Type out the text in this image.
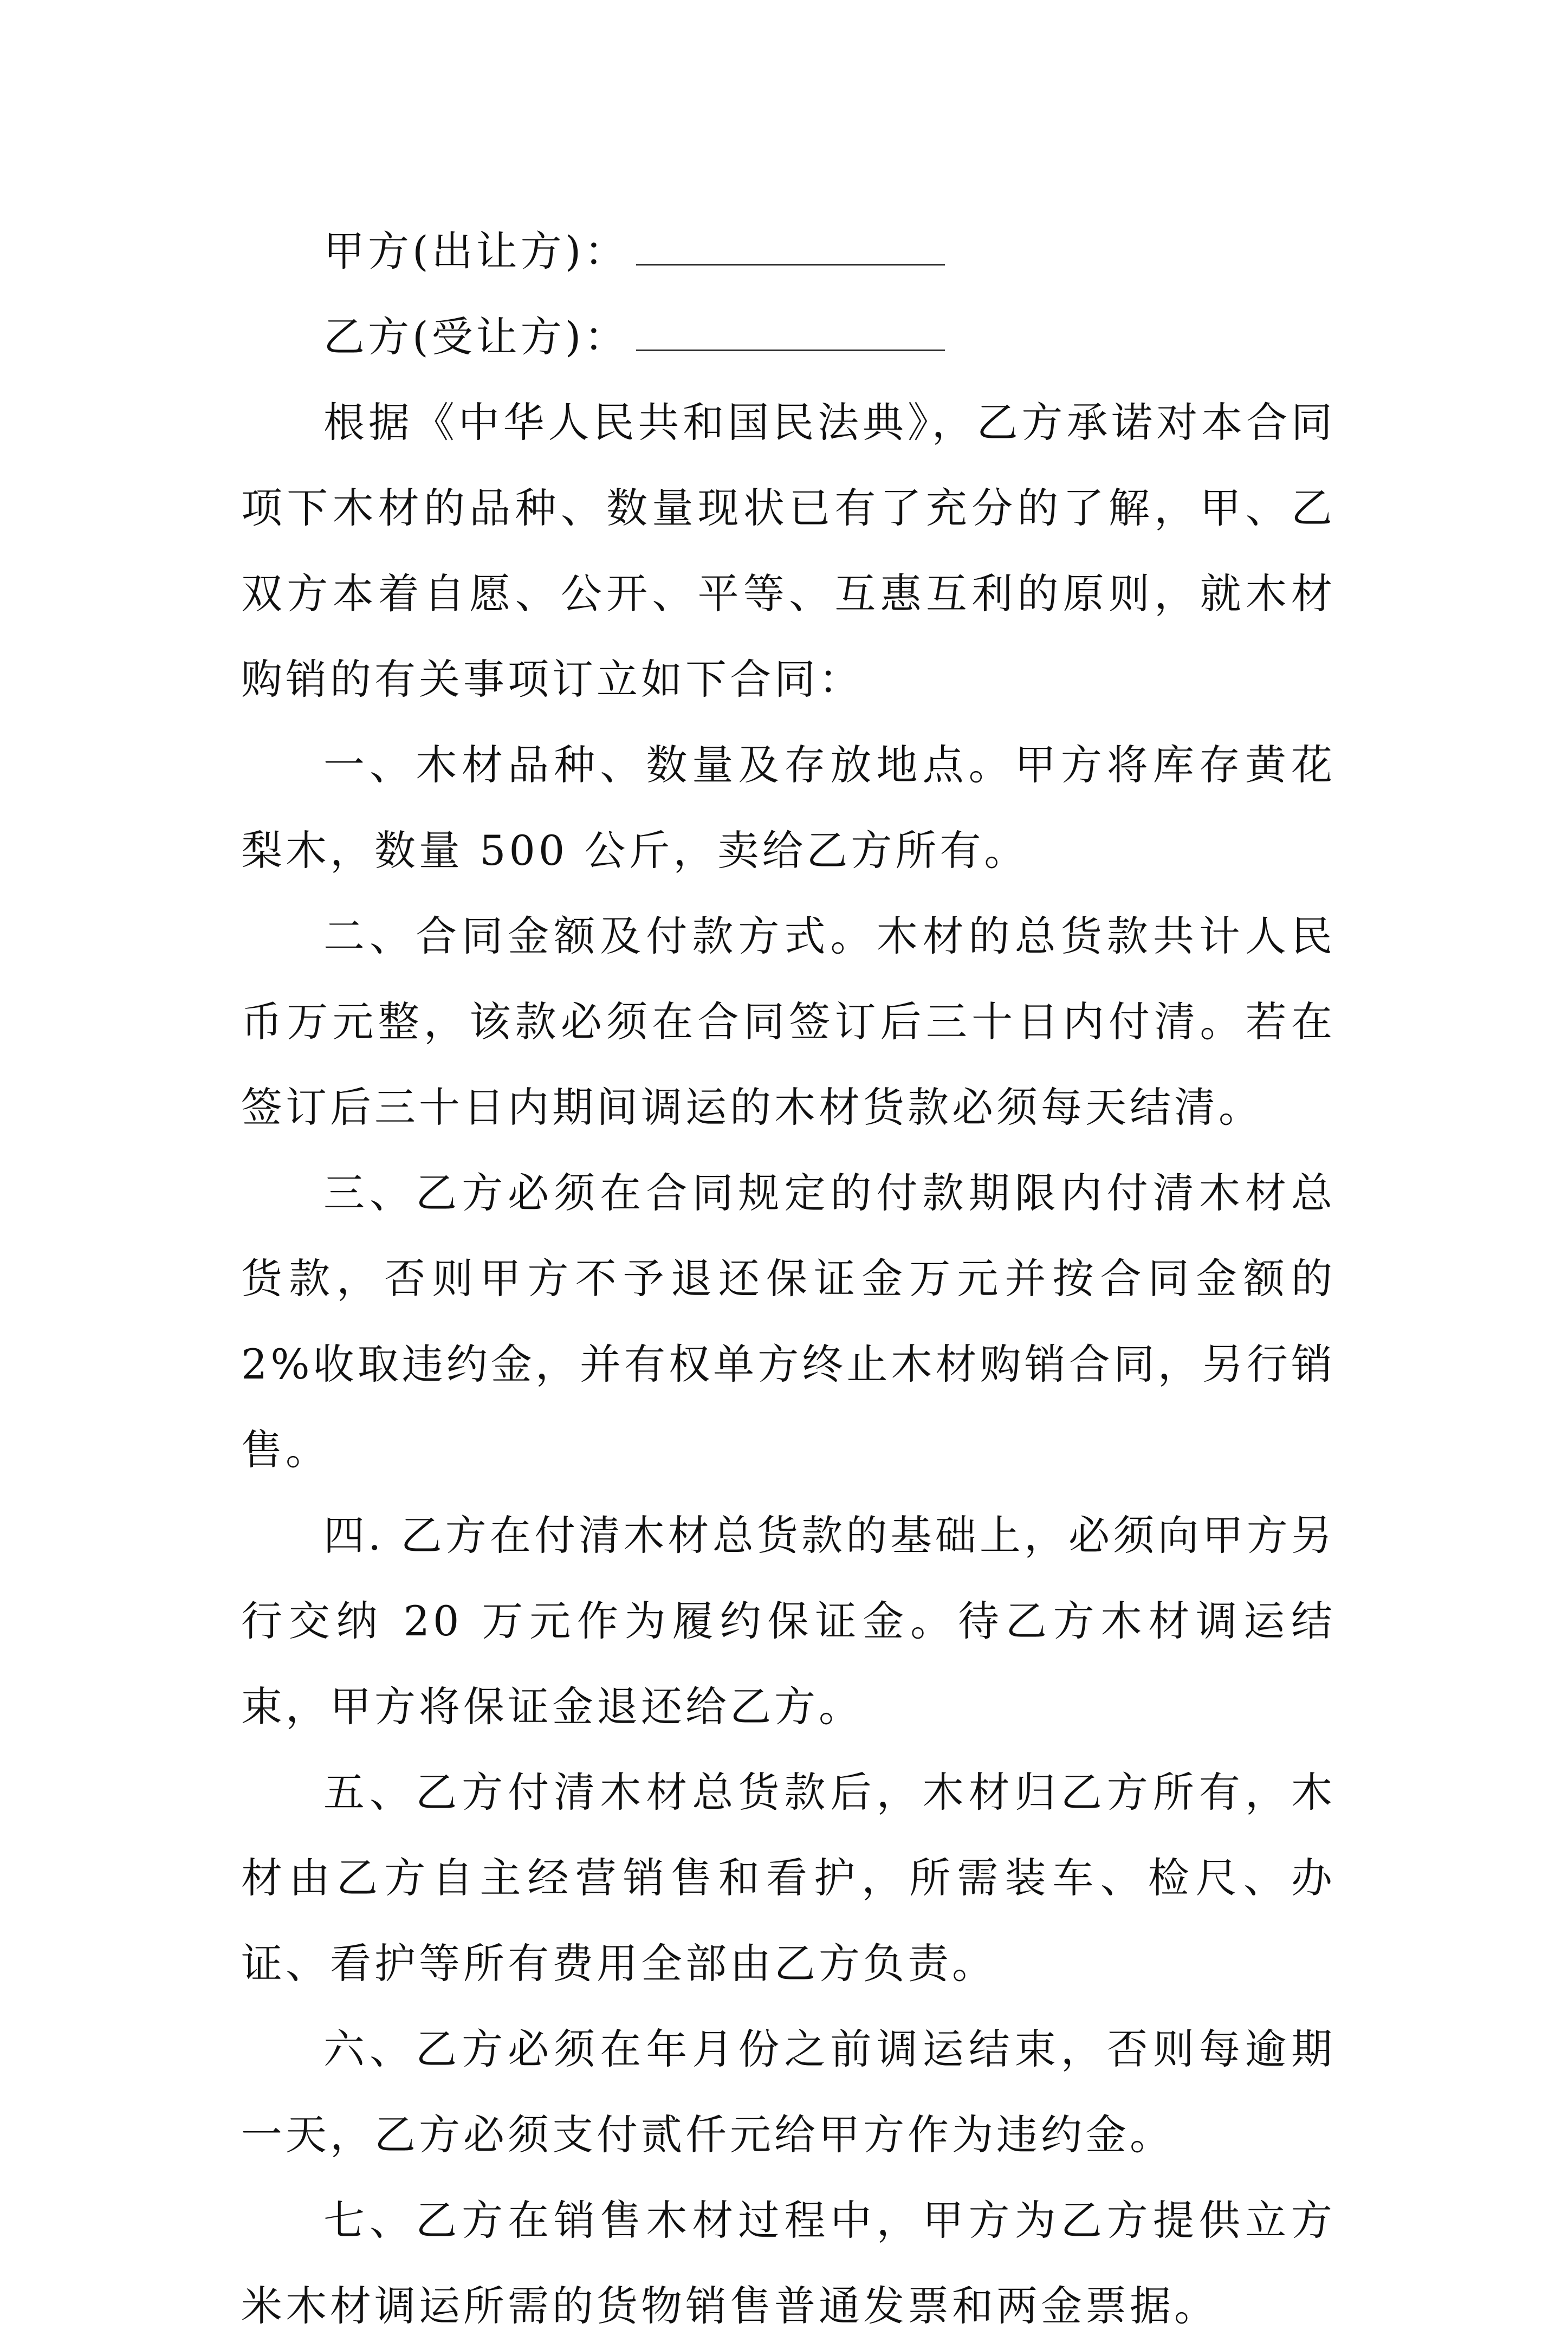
甲方(出让方)：

乙方(受让方)：

根据《中华人民共和国民法典》，乙方承诺对本合同项下木材的品种、数量现状已有了充分的了解，甲、乙双方本着自愿、公开、平等、互惠互利的原则，就木材购销的有关事项订立如下合同：

一、木材品种、数量及存放地点。甲方将库存黄花梨木，数量 500 公斤，卖给乙方所有。

二、合同金额及付款方式。木材的总货款共计人民币万元整，该款必须在合同签订后三十日内付清。若在签订后三十日内期间调运的木材货款必须每天结清。

三、乙方必须在合同规定的付款期限内付清木材总货款，否则甲方不予退还保证金万元并按合同金额的 2%收取违约金，并有权单方终止木材购销合同，另行销售。

四. 乙方在付清木材总货款的基础上，必须向甲方另行交纳 20 万元作为履约保证金。待乙方木材调运结束，甲方将保证金退还给乙方。

五、乙方付清木材总货款后，木材归乙方所有，木材由乙方自主经营销售和看护，所需装车、检尺、办证、看护等所有费用全部由乙方负责。

六、乙方必须在年月份之前调运结束，否则每逾期一天，乙方必须支付贰仟元给甲方作为违约金。

七、乙方在销售木材过程中，甲方为乙方提供立方米木材调运所需的货物销售普通发票和两金票据。
